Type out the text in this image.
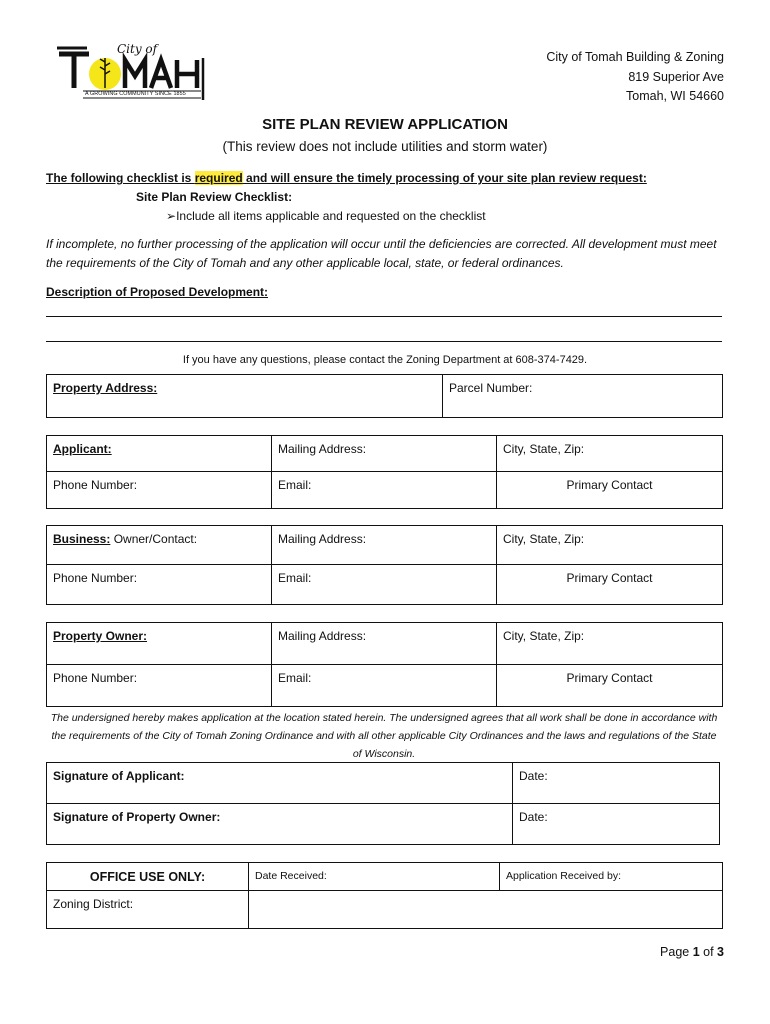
City of
A GROWING COMMUNITY SINCE 1855
City of Tomah Building & Zoning
819 Superior Ave
Tomah, WI 54660
SITE PLAN REVIEW APPLICATION
(This review does not include utilities and storm water)
The following checklist is required and will ensure the timely processing of your site plan review request:
Site Plan Review Checklist:
➢Include all items applicable and requested on the checklist
If incomplete, no further processing of the application will occur until the deficiencies are corrected. All development must meet the requirements of the City of Tomah and any other applicable local, state, or federal ordinances.
Description of Proposed Development:
If you have any questions, please contact the Zoning Department at 608-374-7429.
Property Address:	Parcel Number:
Applicant:	Mailing Address:	City, State, Zip:
Phone Number:	Email:	Primary Contact
Business: Owner/Contact:	Mailing Address:	City, State, Zip:
Phone Number:	Email:	Primary Contact
Property Owner:	Mailing Address:	City, State, Zip:
Phone Number:	Email:	Primary Contact
The undersigned hereby makes application at the location stated herein. The undersigned agrees that all work shall be done in accordance with the requirements of the City of Tomah Zoning Ordinance and with all other applicable City Ordinances and the laws and regulations of the State of Wisconsin.
Signature of Applicant:	Date:
Signature of Property Owner:	Date:
OFFICE USE ONLY:	Date Received:	Application Received by:
Zoning District:		
Page 1 of 3
